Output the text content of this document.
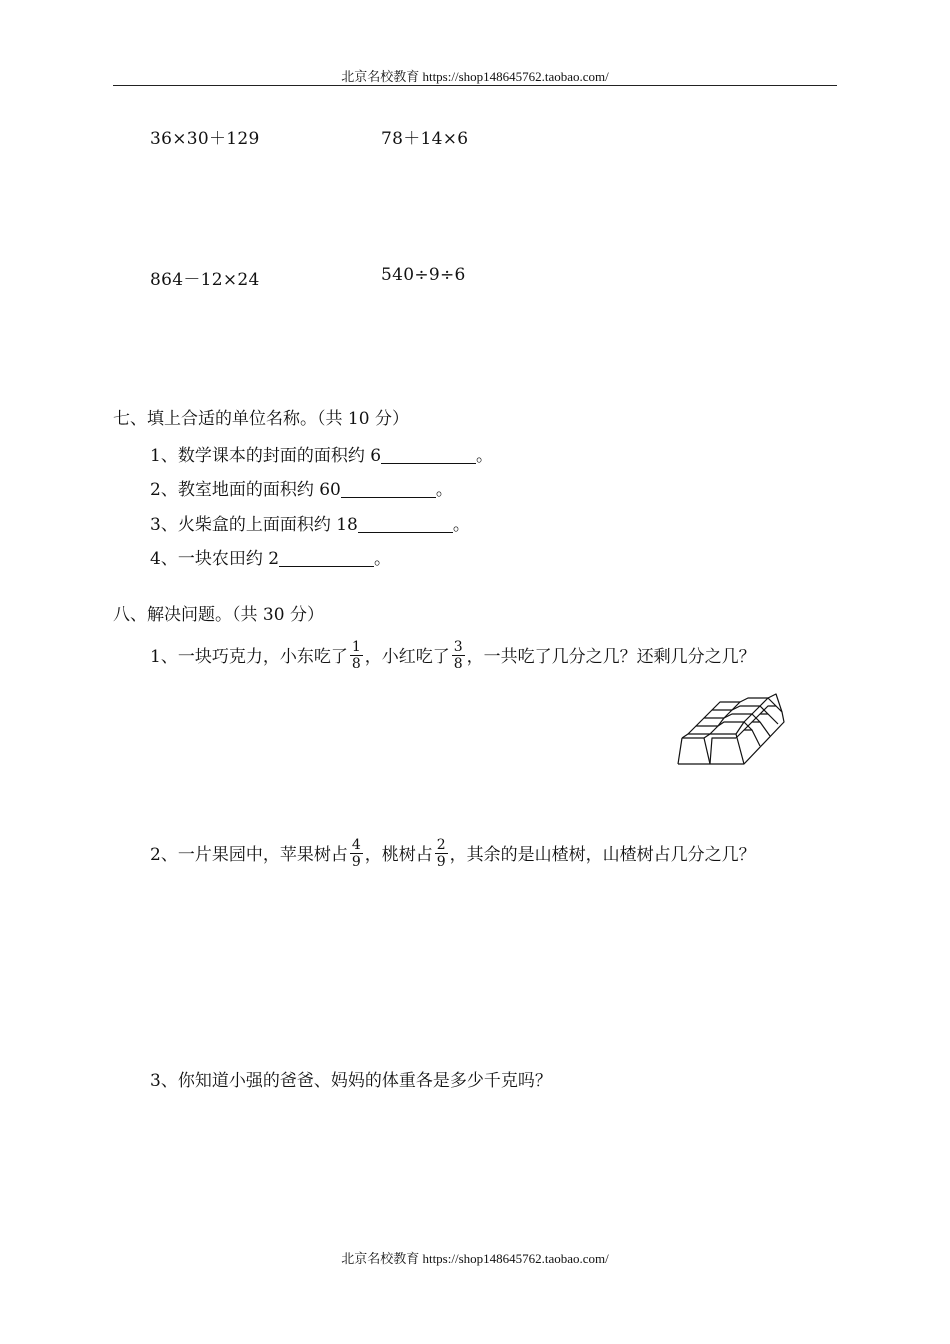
北京名校教育 https://shop148645762.taobao.com/
36×30＋129	78＋14×6
864－12×24	540÷9÷6
七、填上合适的单位名称。（共 10 分）
1、数学课本的封面的面积约 6	。
2、教室地面的面积约 60	。
3、火柴盒的上面面积约 18	。
4、一块农田约 2	。
八、解决问题。（共 30 分）
1、一块巧克力，小东吃了 $\frac{1}{8}$ ，小红吃了 $\frac{3}{8}$ ，一共吃了几分之几？还剩几分之几？
2、一片果园中，苹果树占 $\frac{4}{9}$ ，桃树占 $\frac{2}{9}$ ，其余的是山楂树，山楂树占几分之几？
3、你知道小强的爸爸、妈妈的体重各是多少千克吗？
北京名校教育 https://shop148645762.taobao.com/
